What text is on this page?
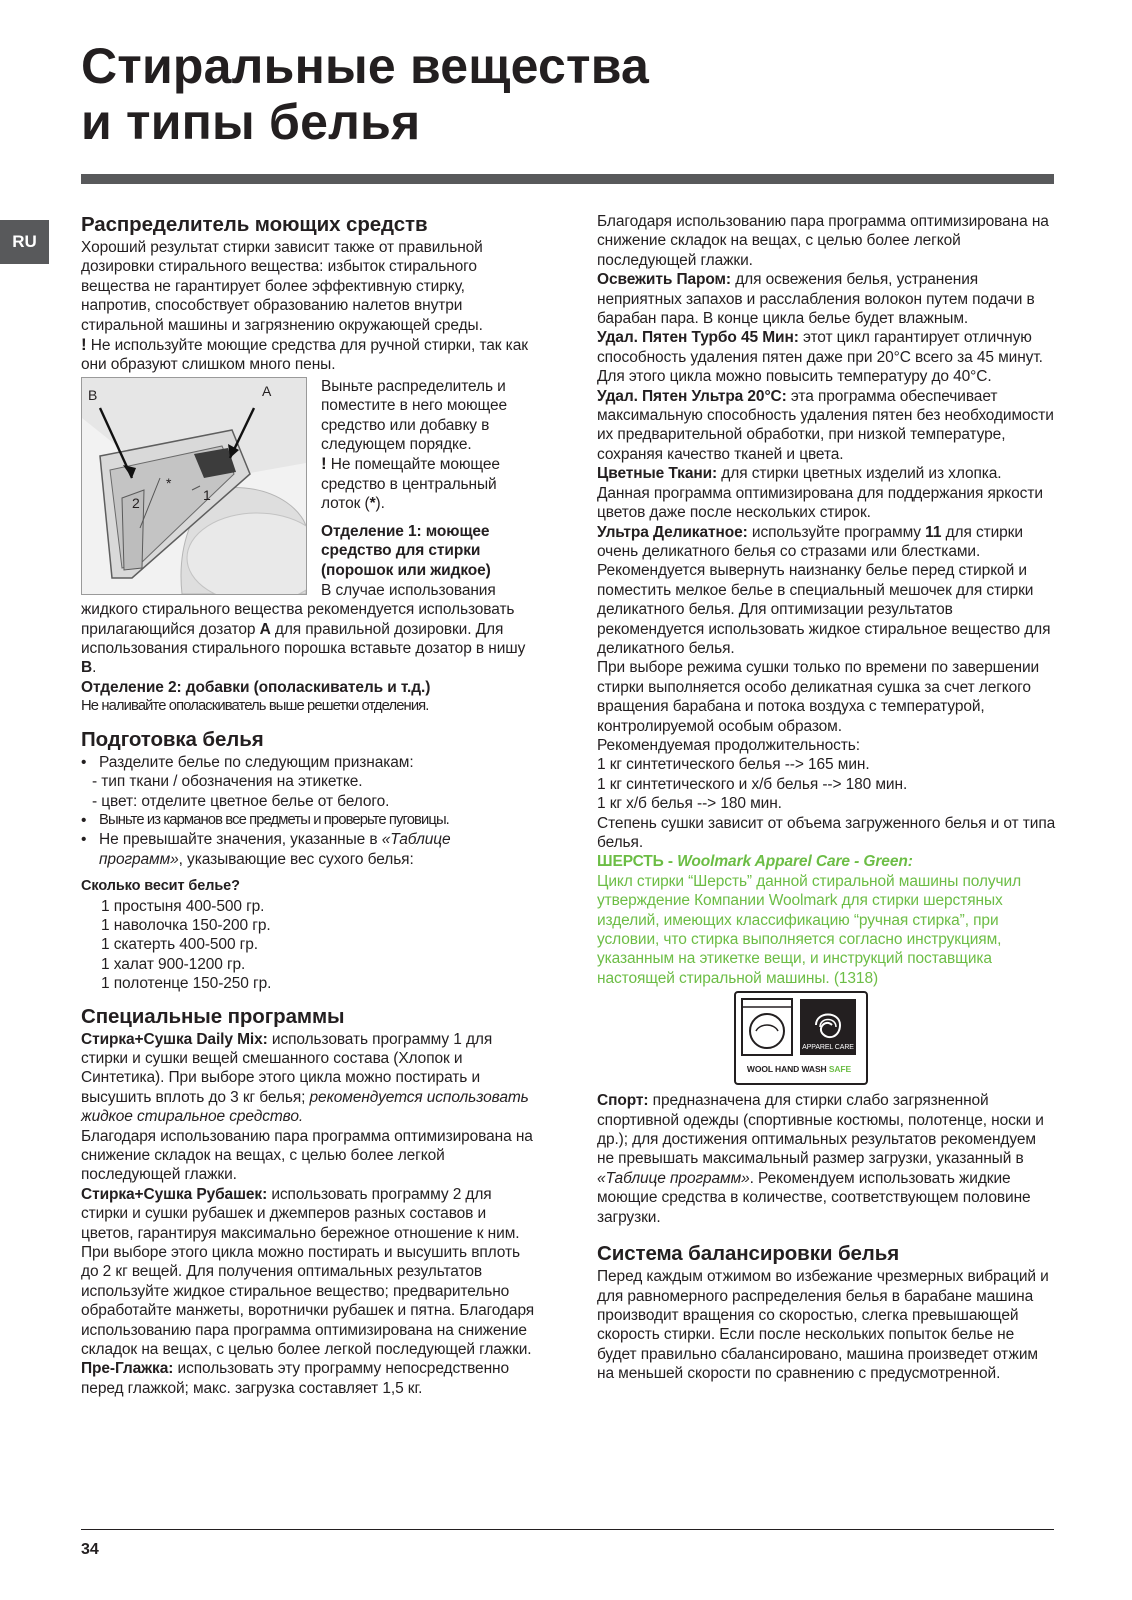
Стиральные вещества
и типы белья
RU
Распределитель моющих средств

Хороший результат стирки зависит также от правильной дозировки стирального вещества: избыток стирального вещества не гарантирует более эффективную стирку, напротив, способствует образованию налетов внутри стиральной машины и загрязнению окружающей среды.

! Не используйте моющие средства для ручной стирки, так как они образуют слишком много пены.

B	A
*
1
2

Выньте распределитель и поместите в него моющее средство или добавку в следующем порядке.

! Не помещайте моющее средство в центральный лоток (*).

Отделение 1: моющее средство для стирки (порошок или жидкое)

В случае использования жидкого стирального вещества рекомендуется использовать прилагающийся дозатор A для правильной дозировки. Для использования стирального порошка вставьте дозатор в нишу B.

Отделение 2: добавки (ополаскиватель и т.д.)

Не наливайте ополаскиватель выше решетки отделения.

Подготовка белья
• Разделите белье по следующим признакам:

- тип ткани / обозначения на этикетке.

- цвет: отделите цветное белье от белого.

• Выньте из карманов все предметы и проверьте пуговицы.
• Не превышайте значения, указанные в «Таблице программ», указывающие вес сухого белья:

Сколько весит белье?

1 простыня 400-500 гр.

1 наволочка 150-200 гр.

1 скатерть 400-500 гр.

1 халат 900-1200 гр.

1 полотенце 150-250 гр.

Специальные программы

Стирка+Сушка Daily Mix: использовать программу 1 для стирки и сушки вещей смешанного состава (Хлопок и Синтетика). При выборе этого цикла можно постирать и высушить вплоть до 3 кг белья; рекомендуется использовать жидкое стиральное средство.

Благодаря использованию пара программа оптимизирована на снижение складок на вещах, с целью более легкой последующей глажки.

Стирка+Сушка Рубашек: использовать программу 2 для стирки и сушки рубашек и джемперов разных составов и цветов, гарантируя максимально бережное отношение к ним. При выборе этого цикла можно постирать и высушить вплоть до 2 кг вещей. Для получения оптимальных результатов используйте жидкое стиральное вещество; предварительно обработайте манжеты, воротнички рубашек и пятна. Благодаря использованию пара программа оптимизирована на снижение складок на вещах, с целью более легкой последующей глажки.

Пре-Глажка: использовать эту программу непосредственно перед глажкой; макс. загрузка составляет 1,5 кг.

Благодаря использованию пара программа оптимизирована на снижение складок на вещах, с целью более легкой последующей глажки.

Освежить Паром: для освежения белья, устранения неприятных запахов и расслабления волокон путем подачи в барабан пара. В конце цикла белье будет влажным.

Удал. Пятен Турбо 45 Мин: этот цикл гарантирует отличную способность удаления пятен даже при 20°С всего за 45 минут. Для этого цикла можно повысить температуру до 40°С.

Удал. Пятен Ультра 20°С: эта программа обеспечивает максимальную способность удаления пятен без необходимости их предварительной обработки, при низкой температуре, сохраняя качество тканей и цвета.

Цветные Ткани: для стирки цветных изделий из хлопка. Данная программа оптимизирована для поддержания яркости цветов даже после нескольких стирок.

Ультра Деликатное: используйте программу 11 для стирки очень деликатного белья со стразами или блестками.

Рекомендуется вывернуть наизнанку белье перед стиркой и поместить мелкое белье в специальный мешочек для стирки деликатного белья. Для оптимизации результатов рекомендуется использовать жидкое стиральное вещество для деликатного белья.

При выборе режима сушки только по времени по завершении стирки выполняется особо деликатная сушка за счет легкого вращения барабана и потока воздуха с температурой, контролируемой особым образом.

Рекомендуемая продолжительность:

1 кг синтетического белья --> 165 мин.

1 кг синтетического и х/б белья --> 180 мин.

1 кг х/б белья --> 180 мин.

Степень сушки зависит от объема загруженного белья и от типа белья.

ШЕРСТЬ - Woolmark Apparel Care - Green:

Цикл стирки “Шерсть” данной стиральной машины получил утверждение Компании Woolmark для стирки шерстяных изделий, имеющих классификацию “ручная стирка”, при условии, что стирка выполняется согласно инструкциям, указанным на этикетке вещи, и инструкций поставщика настоящей стиральной машины. (1318)

APPAREL CARE
WOOL HAND WASH SAFE

Спорт: предназначена для стирки слабо загрязненной спортивной одежды (спортивные костюмы, полотенце, носки и др.); для достижения оптимальных результатов рекомендуем не превышать максимальный размер загрузки, указанный в «Таблице программ». Рекомендуем использовать жидкие моющие средства в количестве, соответствующем половине загрузки.

Система балансировки белья

Перед каждым отжимом во избежание чрезмерных вибраций и для равномерного распределения белья в барабане машина производит вращения со скоростью, слегка превышающей скорость стирки. Если после нескольких попыток белье не будет правильно сбалансировано, машина произведет отжим на меньшей скорости по сравнению с предусмотренной.

34
